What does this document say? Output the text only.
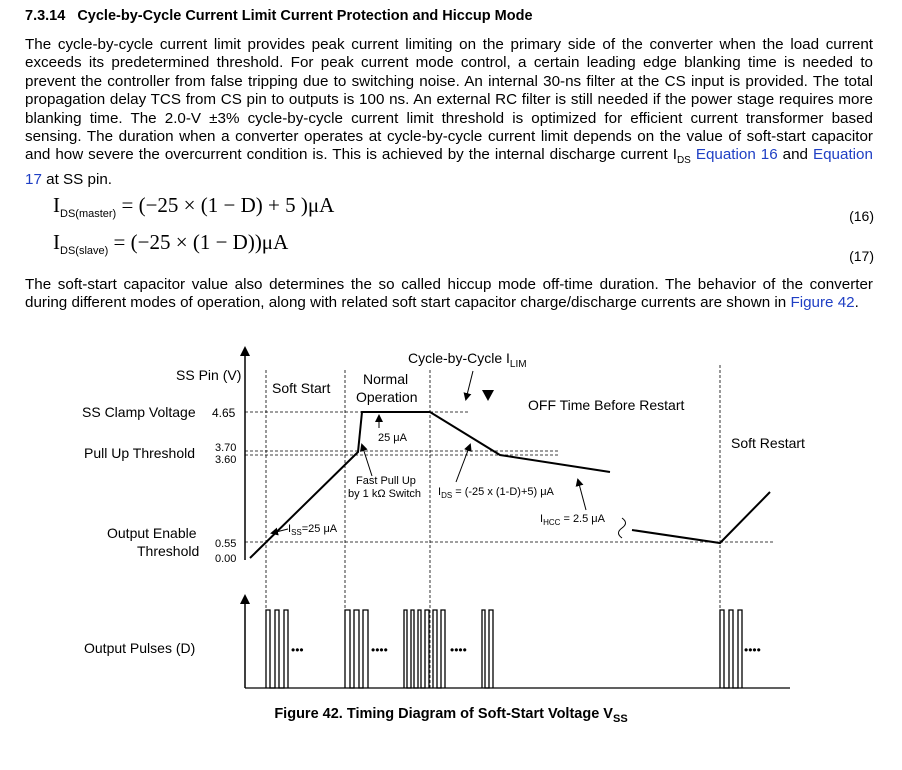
7.3.14 Cycle-by-Cycle Current Limit Current Protection and Hiccup Mode
The cycle-by-cycle current limit provides peak current limiting on the primary side of the converter when the load current exceeds its predetermined threshold. For peak current mode control, a certain leading edge blanking time is needed to prevent the controller from false tripping due to switching noise. An internal 30-ns filter at the CS input is provided. The total propagation delay TCS from CS pin to outputs is 100 ns. An external RC filter is still needed if the power stage requires more blanking time. The 2.0-V ±3% cycle-by-cycle current limit threshold is optimized for efficient current transformer based sensing. The duration when a converter operates at cycle-by-cycle current limit depends on the value of soft-start capacitor and how severe the overcurrent condition is. This is achieved by the internal discharge current $I_{DS}$ Equation 16 and Equation 17 at SS pin.
$I_{DS(master)} = (-25 \times (1 - D) + 5$ )μA	(16)
$I_{DS(slave)} = (-25 \times (1 - D))\mu A$
(17)
The soft-start capacitor value also determines the so called hiccup mode off-time duration. The behavior of the converter during different modes of operation, along with related soft start capacitor charge/discharge currents are shown in Figure 42.
SS Pin (V)
SS Clamp Voltage 4.65
Pull Up Threshold 3.70
3.60
Output Enable
Threshold 0.55
0.00
Soft Start
Normal
Operation
Cycle-by-Cycle $I_{LIM}$
OFF Time Before Restart
Soft Restart
25 μA
Fast Pull Up
by 1 kΩ Switch $I_{DS} = (-25$ x (1-D)+5) μA
$I_{HCC} = 2.5$ μA
$I_{SS}=25$ μA
Output Pulses (D)	•••	••••	••••	••••
Figure 42. Timing Diagram of Soft-Start Voltage $V_{SS}$
